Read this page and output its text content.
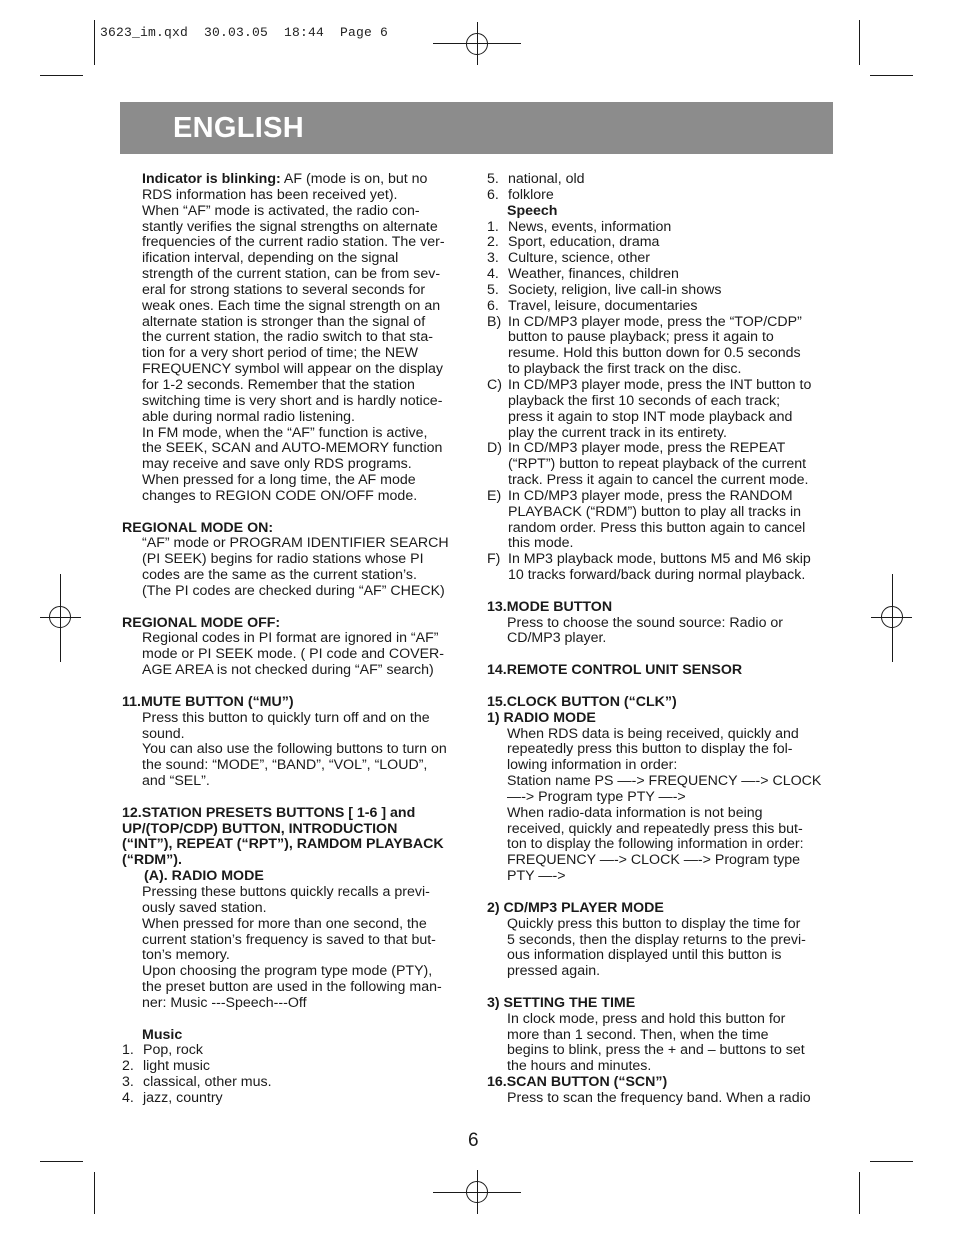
3623_im.qxd  30.03.05  18:44  Page 6
ENGLISH

Indicator is blinking: AF (mode is on, but no

RDS information has been received yet).
When “AF” mode is activated, the radio con-
stantly verifies the signal strengths on alternate
frequencies of the current radio station. The ver-
ification interval, depending on the signal
strength of the current station, can be from sev-
eral for strong stations to several seconds for
weak ones. Each time the signal strength on an
alternate station is stronger than the signal of
the current station, the radio switch to that sta-
tion for a very short period of time; the NEW
FREQUENCY symbol will appear on the display
for 1-2 seconds. Remember that the station
switching time is very short and is hardly notice-
able during normal radio listening.
In FM mode, when the “AF” function is active,
the SEEK, SCAN and AUTO-MEMORY function
may receive and save only RDS programs.
When pressed for a long time, the AF mode
changes to REGION CODE ON/OFF mode.

REGIONAL MODE ON:

“AF” mode or PROGRAM IDENTIFIER SEARCH
(PI SEEK) begins for radio stations whose PI
codes are the same as the current station’s.
(The PI codes are checked during “AF” CHECK)

REGIONAL MODE OFF:

Regional codes in PI format are ignored in “AF”
mode or PI SEEK mode. ( PI code and COVER-
AGE AREA is not checked during “AF” search)

11.MUTE BUTTON (“MU”)

Press this button to quickly turn off and on the
sound.
You can also use the following buttons to turn on
the sound: “MODE”, “BAND”, “VOL”, “LOUD”,
and “SEL”.
12.STATION PRESETS BUTTONS [ 1-6 ] and
UP/(TOP/CDP) BUTTON, INTRODUCTION
(“INT”), REPEAT (“RPT”), RAMDOM PLAYBACK
(“RDM”).

(A). RADIO MODE

Pressing these buttons quickly recalls a previ-
ously saved station.
When pressed for more than one second, the
current station’s frequency is saved to that but-
ton’s memory.
Upon choosing the program type mode (PTY),
the preset button are used in the following man-
ner: Music ---Speech---Off

Music

1. Pop, rock
2. light music
3. classical, other mus.
4. jazz, country
5. national, old
6. folklore

Speech

1. News, events, information
2. Sport, education, drama
3. Culture, science, other
4. Weather, finances, children
5. Society, religion, live call-in shows
6. Travel, leisure, documentaries
B) In CD/MP3 player mode, press the “TOP/CDP”
button to pause playback; press it again to
resume. Hold this button down for 0.5 seconds
to playback the first track on the disc.
C) In CD/MP3 player mode, press the INT button to
playback the first 10 seconds of each track;
press it again to stop INT mode playback and
play the current track in its entirety.
D) In CD/MP3 player mode, press the REPEAT
(“RPT”) button to repeat playback of the current
track. Press it again to cancel the current mode.
E) In CD/MP3 player mode, press the RANDOM
PLAYBACK (“RDM”) button to play all tracks in
random order. Press this button again to cancel
this mode.
F) In MP3 playback mode, buttons M5 and M6 skip
10 tracks forward/back during normal playback.

13.MODE BUTTON

Press to choose the sound source: Radio or
CD/MP3 player.

14.REMOTE CONTROL UNIT SENSOR

15.CLOCK BUTTON (“CLK”)

1) RADIO MODE

When RDS data is being received, quickly and
repeatedly press this button to display the fol-
lowing information in order:
Station name PS —-> FREQUENCY —-> CLOCK
—-> Program type PTY —->
When radio-data information is not being
received, quickly and repeatedly press this but-
ton to display the following information in order:
FREQUENCY —-> CLOCK —-> Program type
PTY —->

2) CD/MP3 PLAYER MODE

Quickly press this button to display the time for
5 seconds, then the display returns to the previ-
ous information displayed until this button is
pressed again.

3) SETTING THE TIME

In clock mode, press and hold this button for
more than 1 second. Then, when the time
begins to blink, press the + and – buttons to set
the hours and minutes.

16.SCAN BUTTON (“SCN”)

Press to scan the frequency band. When a radio
6
